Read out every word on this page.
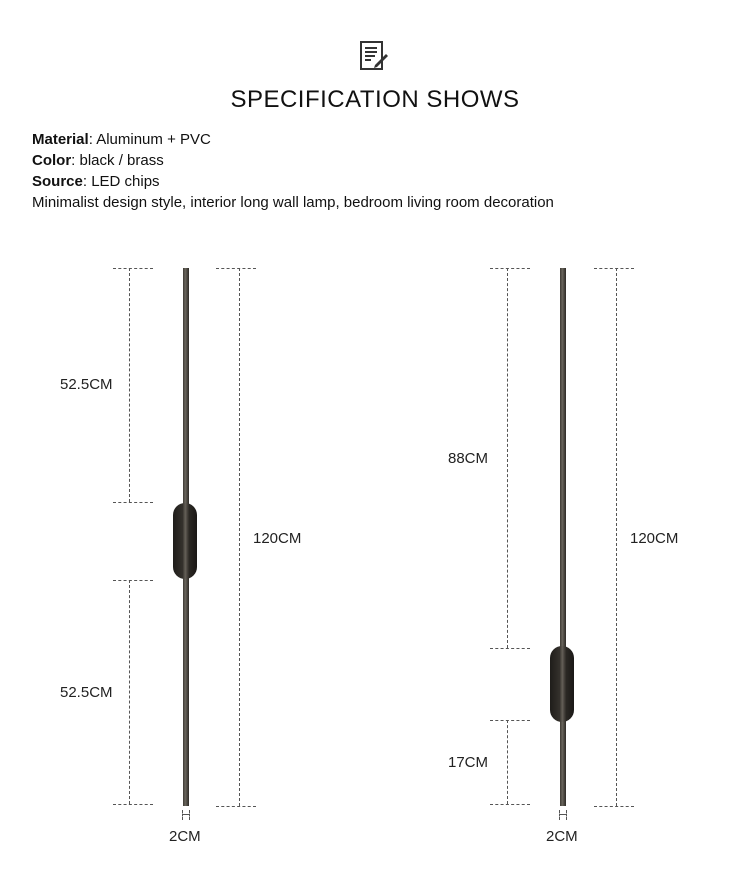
SPECIFICATION SHOWS
Material: Aluminum + PVC
Color: black / brass
Source: LED chips
Minimalist design style, interior long wall lamp, bedroom living room decoration
52.5CM
52.5CM
120CM
2CM
88CM
17CM
120CM
2CM
